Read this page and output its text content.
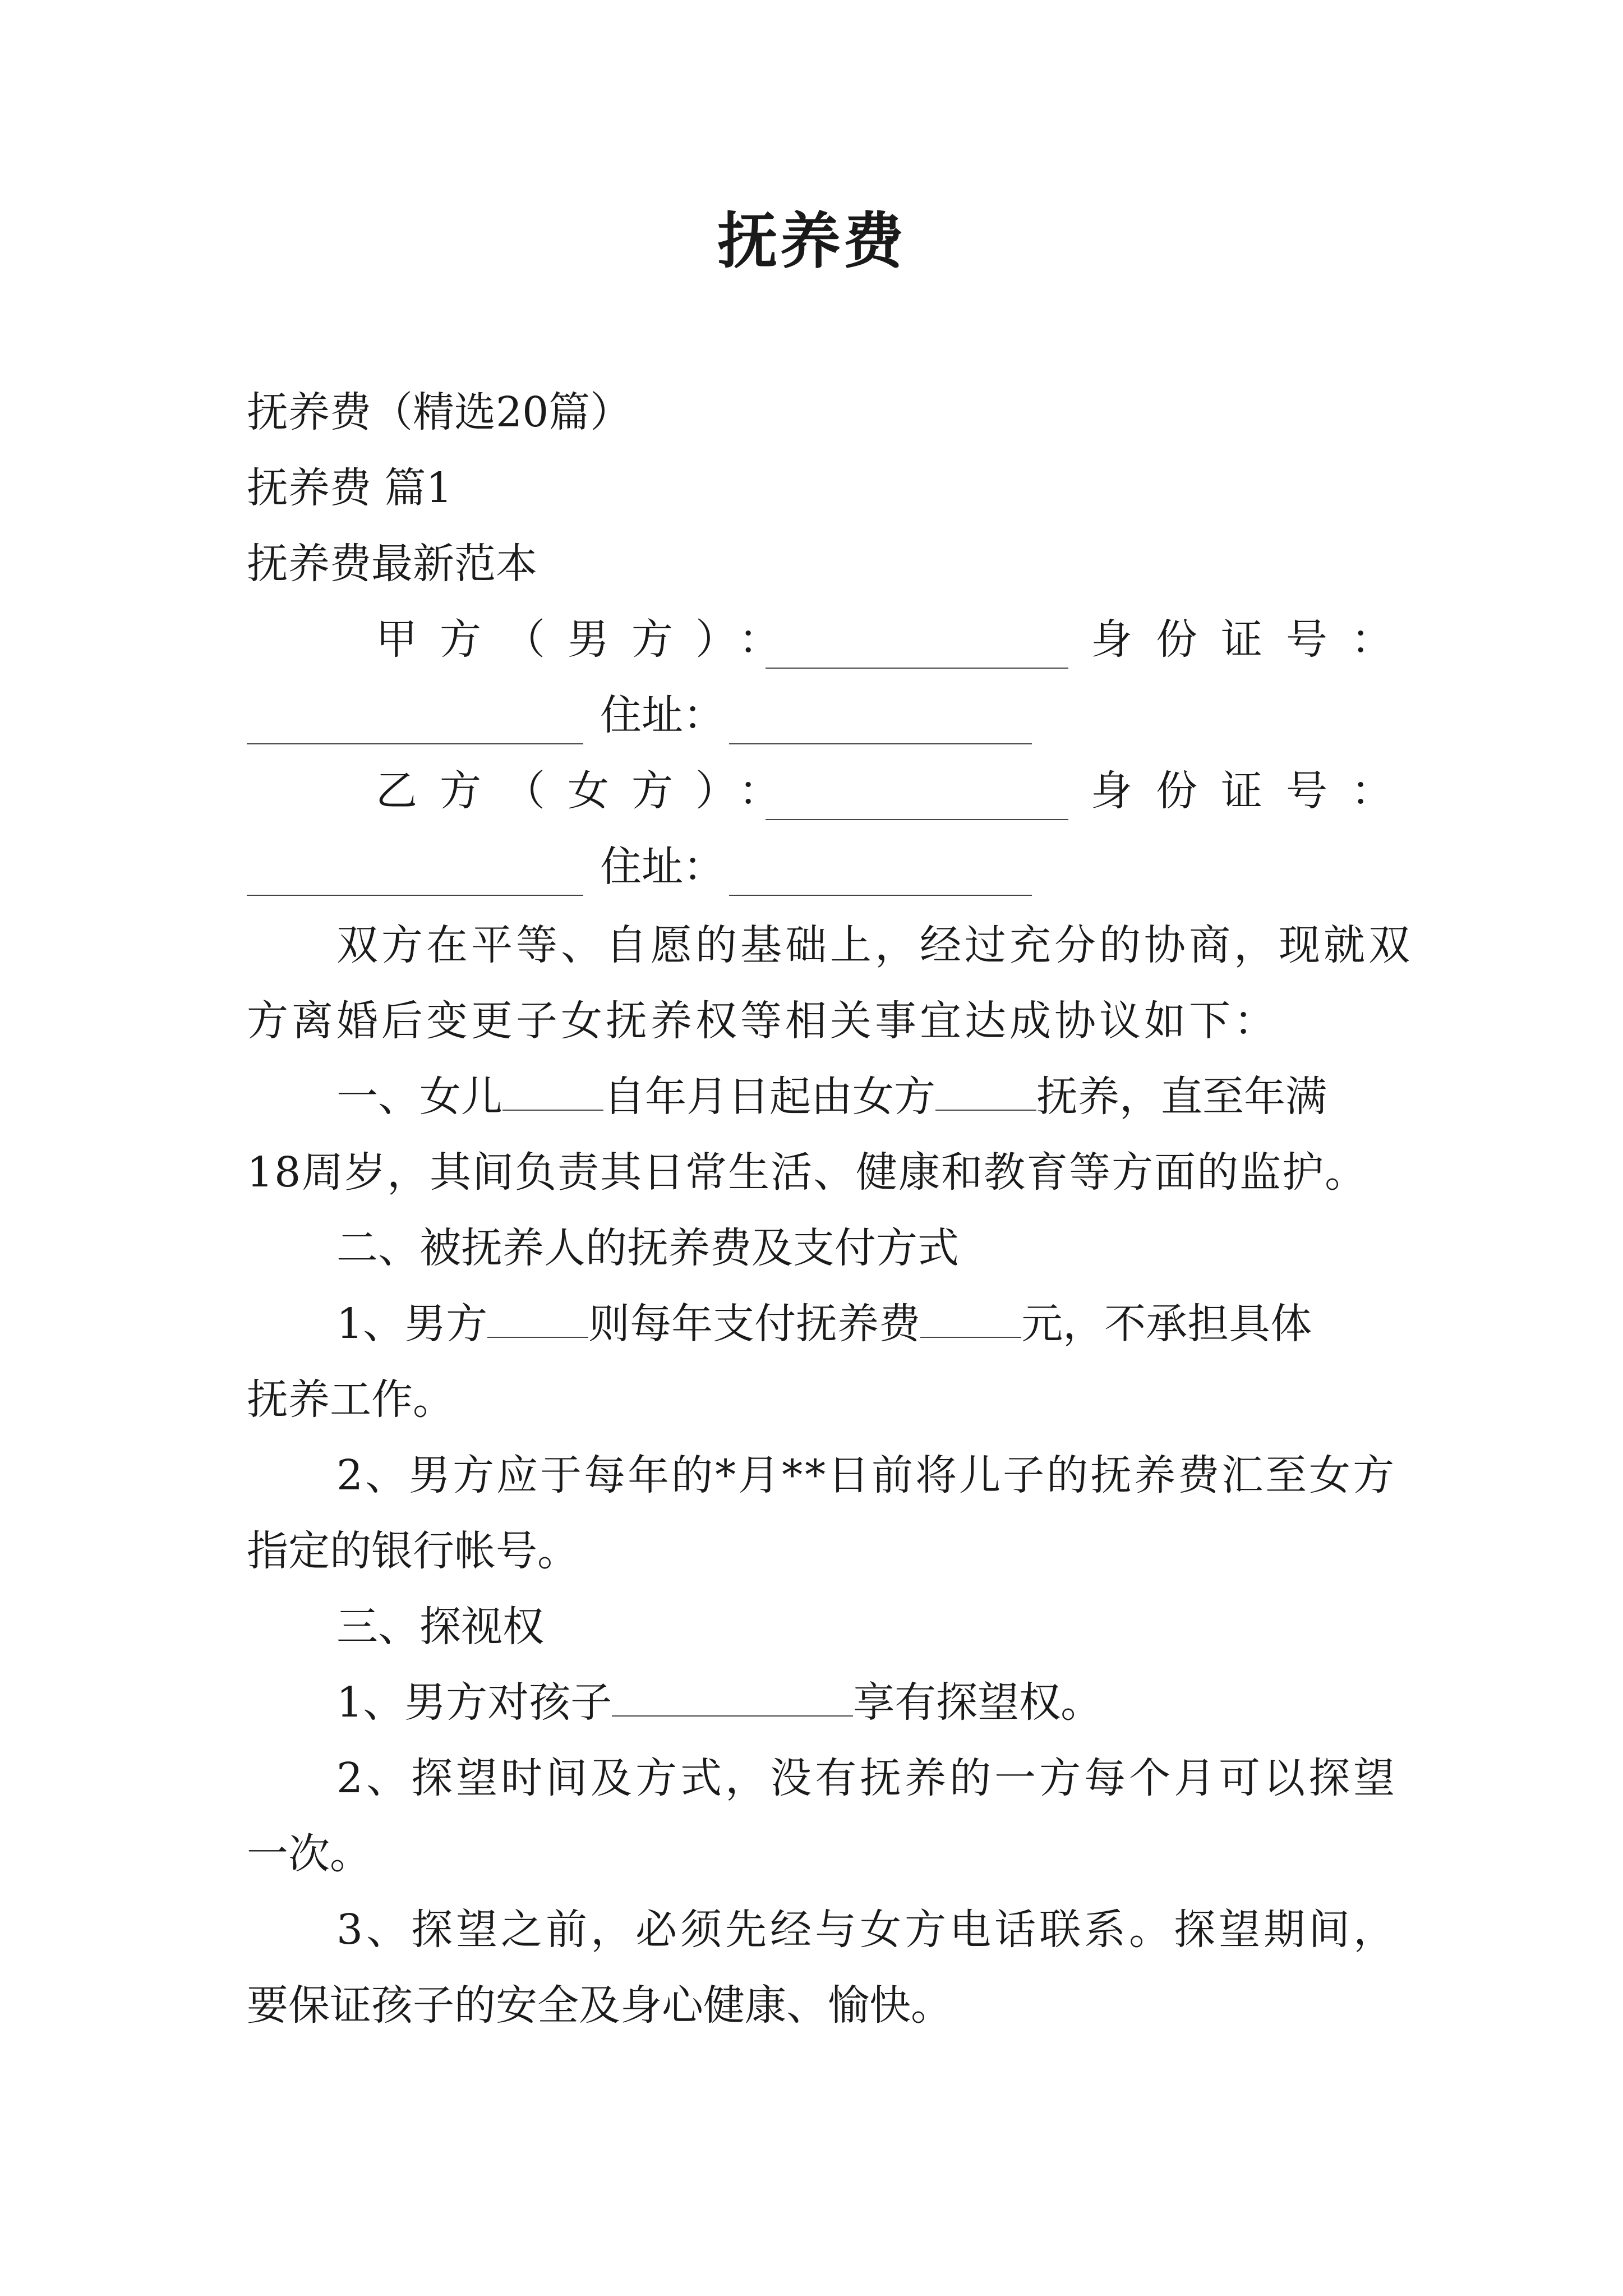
抚养费
抚养费（精选20篇）
抚养费 篇1
抚养费最新范本
甲方（男方）：	身份证号：
住址：
乙方（女方）：	身份证号：
住址：
双方在平等、自愿的基础上，经过充分的协商，现就双
方离婚后变更子女抚养权等相关事宜达成协议如下：
一、女儿 自年月日起由女方 抚养，直至年满
18周岁，其间负责其日常生活、健康和教育等方面的监护。
二、被抚养人的抚养费及支付方式
1、男方 则每年支付抚养费 元，不承担具体
抚养工作。
2、男方应于每年的*月**日前将儿子的抚养费汇至女方
指定的银行帐号。
三、探视权
1、男方对孩子	享有探望权。
2、探望时间及方式，没有抚养的一方每个月可以探望
一次。
3、探望之前，必须先经与女方电话联系。探望期间，
要保证孩子的安全及身心健康、愉快。
